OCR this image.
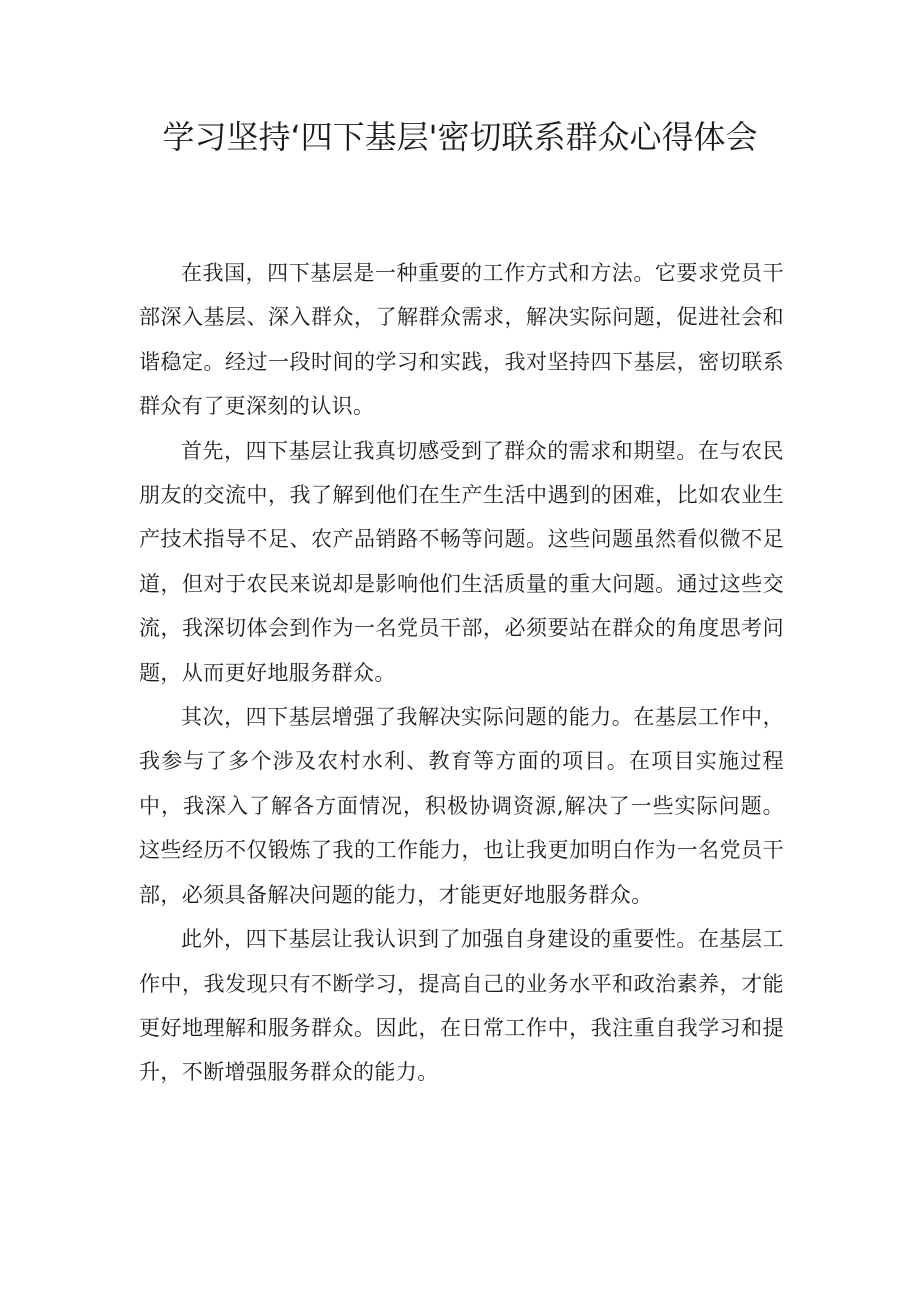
学习坚持‘四下基层'密切联系群众心得体会

在我国，四下基层是一种重要的工作方式和方法。它要求党员干部深入基层、深入群众，了解群众需求，解决实际问题，促进社会和谐稳定。经过一段时间的学习和实践，我对坚持四下基层，密切联系群众有了更深刻的认识。

首先，四下基层让我真切感受到了群众的需求和期望。在与农民朋友的交流中，我了解到他们在生产生活中遇到的困难，比如农业生产技术指导不足、农产品销路不畅等问题。这些问题虽然看似微不足道，但对于农民来说却是影响他们生活质量的重大问题。通过这些交流，我深切体会到作为一名党员干部，必须要站在群众的角度思考问题，从而更好地服务群众。

其次，四下基层增强了我解决实际问题的能力。在基层工作中，我参与了多个涉及农村水利、教育等方面的项目。在项目实施过程中，我深入了解各方面情况，积极协调资源,解决了一些实际问题。这些经历不仅锻炼了我的工作能力，也让我更加明白作为一名党员干部，必须具备解决问题的能力，才能更好地服务群众。

此外，四下基层让我认识到了加强自身建设的重要性。在基层工作中，我发现只有不断学习，提高自己的业务水平和政治素养，才能更好地理解和服务群众。因此，在日常工作中，我注重自我学习和提升，不断增强服务群众的能力。
